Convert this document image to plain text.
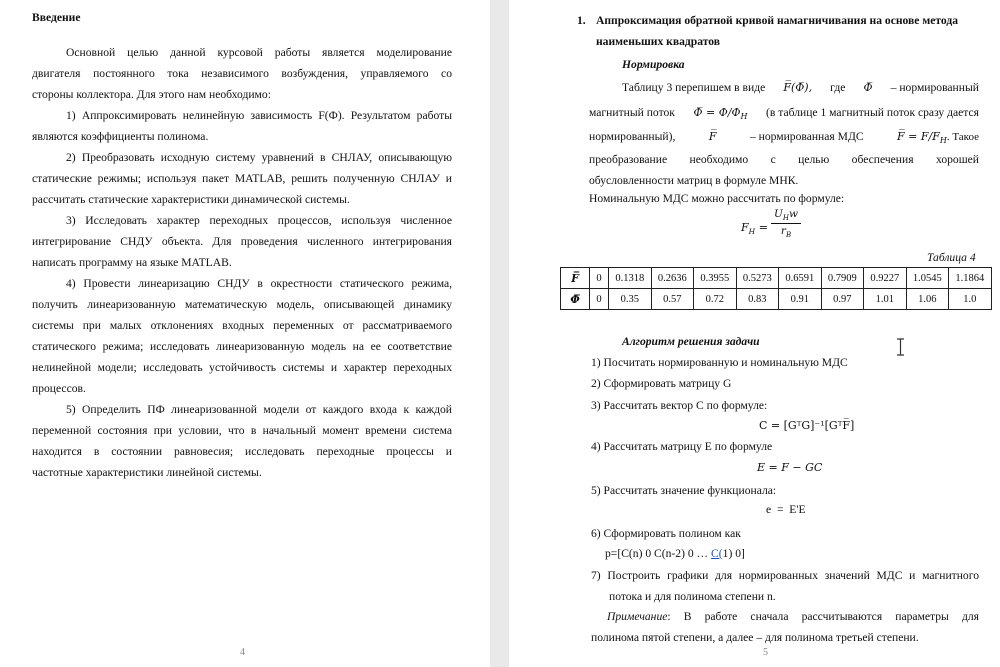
Введение
Основной целью данной курсовой работы является моделирование
двигателя постоянного тока независимого возбуждения, управляемого со
стороны коллектора. Для этого нам необходимо:
1) Аппроксимировать нелинейную зависимость F(Ф). Результатом работы
являются коэффициенты полинома.
2) Преобразовать исходную систему уравнений в СНЛАУ, описывающую
статические режимы; используя пакет MATLAB, решить полученную СНЛАУ и
рассчитать статические характеристики динамической системы.
3) Исследовать характер переходных процессов, используя численное
интегрирование СНДУ объекта. Для проведения численного интегрирования
написать программу на языке MATLAB.
4) Провести линеаризацию СНДУ в окрестности статического режима,
получить линеаризованную математическую модель, описывающей динамику
системы при малых отклонениях входных переменных от рассматриваемого
статического режима; исследовать линеаризованную модель на ее соответствие
нелинейной модели; исследовать устойчивость системы и характер переходных
процессов.
5) Определить ПФ линеаризованной модели от каждого входа к каждой
переменной состояния при условии, что в начальный момент времени система
находится в состоянии равновесия; исследовать переходные процессы и
частотные характеристики линейной системы.
4
1. Аппроксимация обратной кривой намагничивания на основе метода
наименьших квадратов
Нормировка
Таблицу 3 перепишем в виде F̅(Φ̅), где Φ̅ – нормированный
магнитный поток Φ̅ = $\Phi/\Phi_Н$ (в таблице 1 магнитный поток сразу дается
нормированный),	F̅	– нормированная МДС	F̅ = $F/F_H$. Такое
преобразование необходимо с целью обеспечения хорошей
обусловленности матриц в формуле МНК.
Номинальную МДС можно рассчитать по формуле:
$F_H$ =
$U_Hw$
$r_B$
Таблица 4
F̅	0	0.1318	0.2636	0.3955	0.5273	0.6591	0.7909	0.9227	1.0545	1.1864
Φ̅	0	0.35	0.57	0.72	0.83	0.91	0.97	1.01	1.06	1.0
Алгоритм решения задачи
1) Посчитать нормированную и номинальную МДС
2) Сформировать матрицу G
3) Рассчитать вектор C по формуле:
C = [GᵀG]⁻¹[GᵀF̅]
4) Рассчитать матрицу E по формуле
E = F − GC
5) Рассчитать значение функционала:
e  =  E'E
6) Сформировать полином как
p=[C(n) 0 C(n-2) 0 … C(1) 0]
7) Построить графики для нормированных значений МДС и магнитного
потока и для полинома степени n.
Примечание: В работе сначала рассчитываются параметры для
полинома пятой степени, а далее – для полинома третьей степени.
5
